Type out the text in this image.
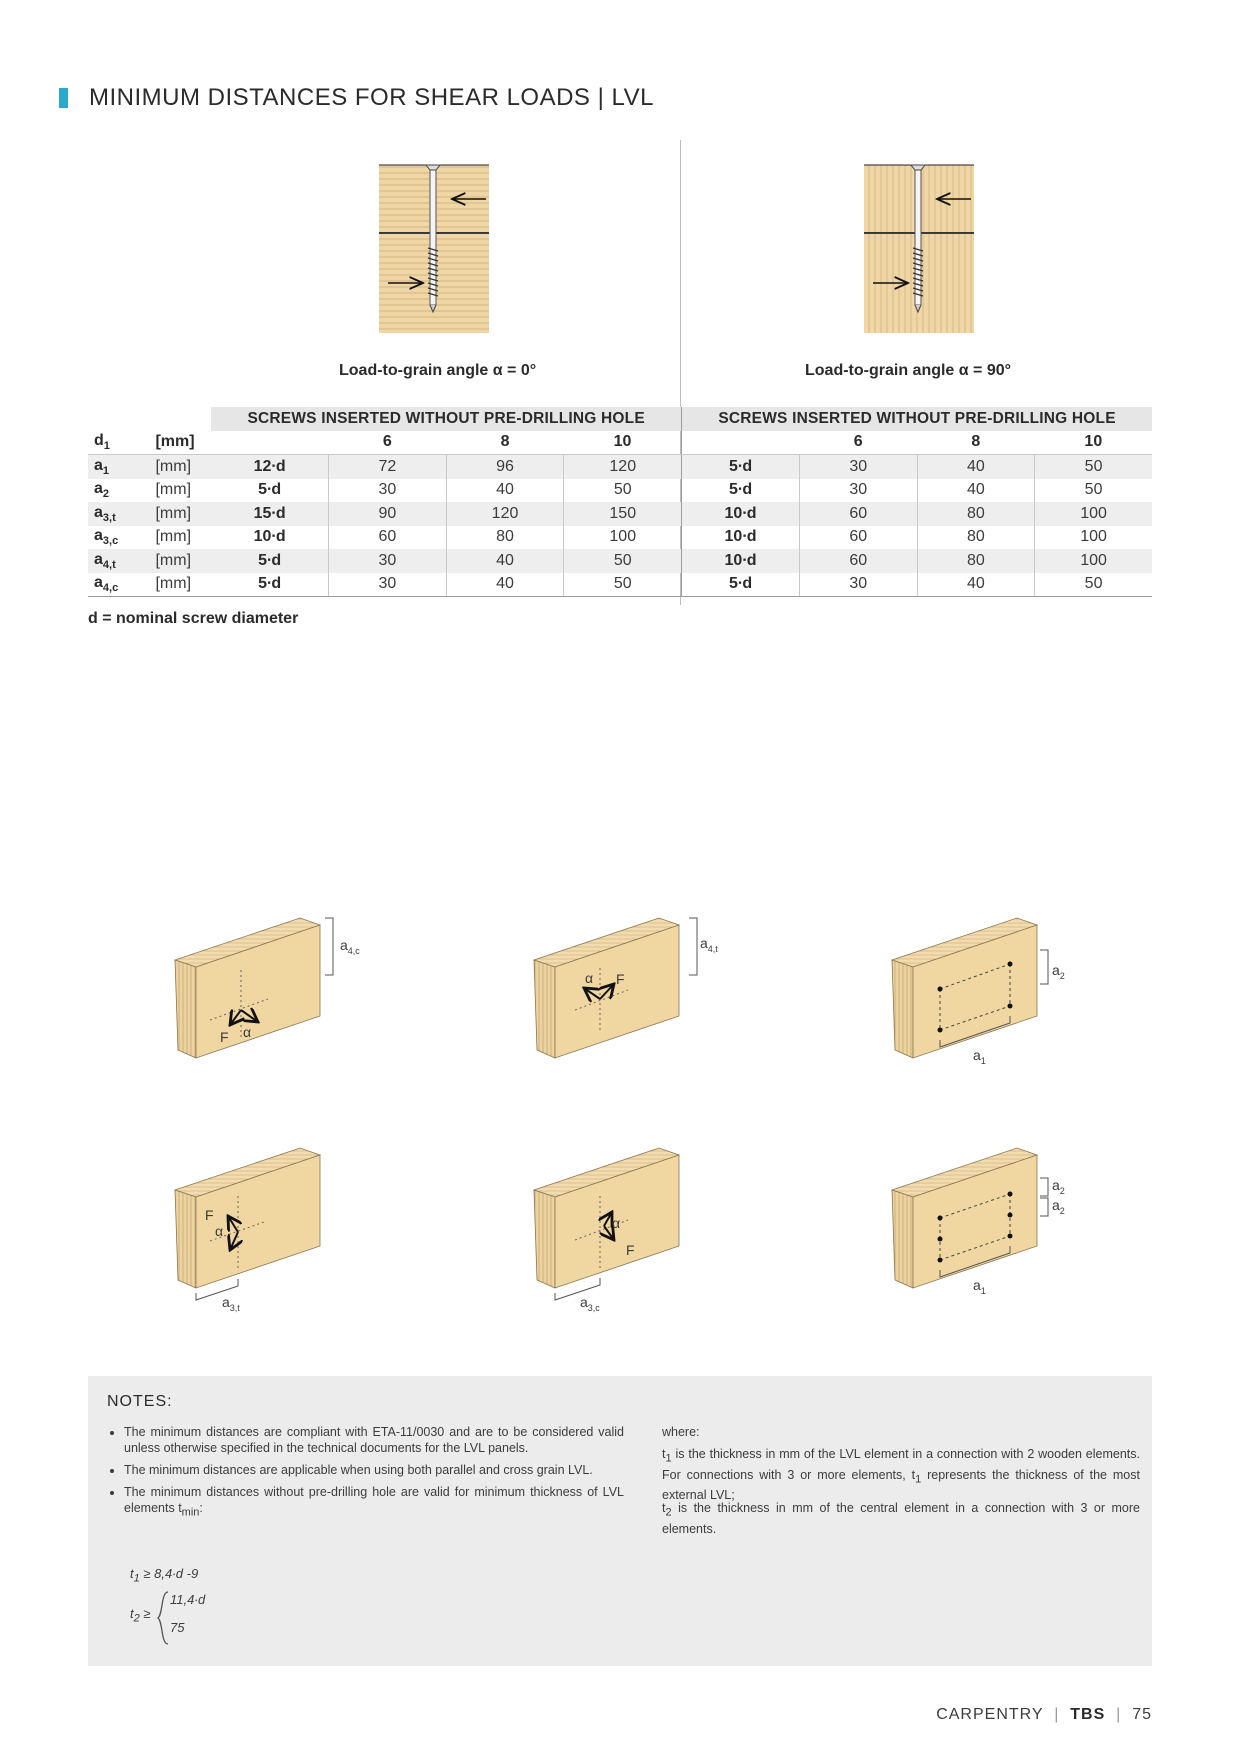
MINIMUM DISTANCES FOR SHEAR LOADS | LVL
Load-to-grain angle α = 0°	Load-to-grain angle α = 90°
		SCREWS INSERTED WITHOUT PRE-DRILLING HOLE				SCREWS INSERTED WITHOUT PRE-DRILLING HOLE			
$d_1$	[mm]		6	8	10		6	8	10
$a_1$	[mm]	12∙d	72	96	120	5∙d	30	40	50
$a_2$	[mm]	5∙d	30	40	50	5∙d	30	40	50
$a_{3,t}$	[mm]	15∙d	90	120	150	10∙d	60	80	100
$a_{3,c}$	[mm]	10∙d	60	80	100	10∙d	60	80	100
$a_{4,t}$	[mm]	5∙d	30	40	50	10∙d	60	80	100
$a_{4,c}$	[mm]	5∙d	30	40	50	5∙d	30	40	50
d = nominal screw diameter
F α
$a_{4,c}$
F
α
$a_{4,t}$
$a_2$
$a_1$
F
α
$a_{3,t}$
F
α
$a_{3,c}$
$a_2$
$a_2$
$a_1$
NOTES:
• The minimum distances are compliant with ETA-11/0030 and are to be considered valid unless otherwise specified in the technical documents for the LVL panels.
• The minimum distances are applicable when using both parallel and cross grain LVL.
• The minimum distances without pre-drilling hole are valid for minimum thickness of LVL elements $t_{min}$:
$t_1 \ge 8,4\cdot d$ -9
$t_2$ ≥
11,4∙d
75
where:
$t_1$ is the thickness in mm of the LVL element in a connection with 2 wooden elements. For connections with 3 or more elements, $t_1$ represents the thickness of the most external LVL;
$t_2$ is the thickness in mm of the central element in a connection with 3 or more elements.
CARPENTRY  |  TBS  |  75
